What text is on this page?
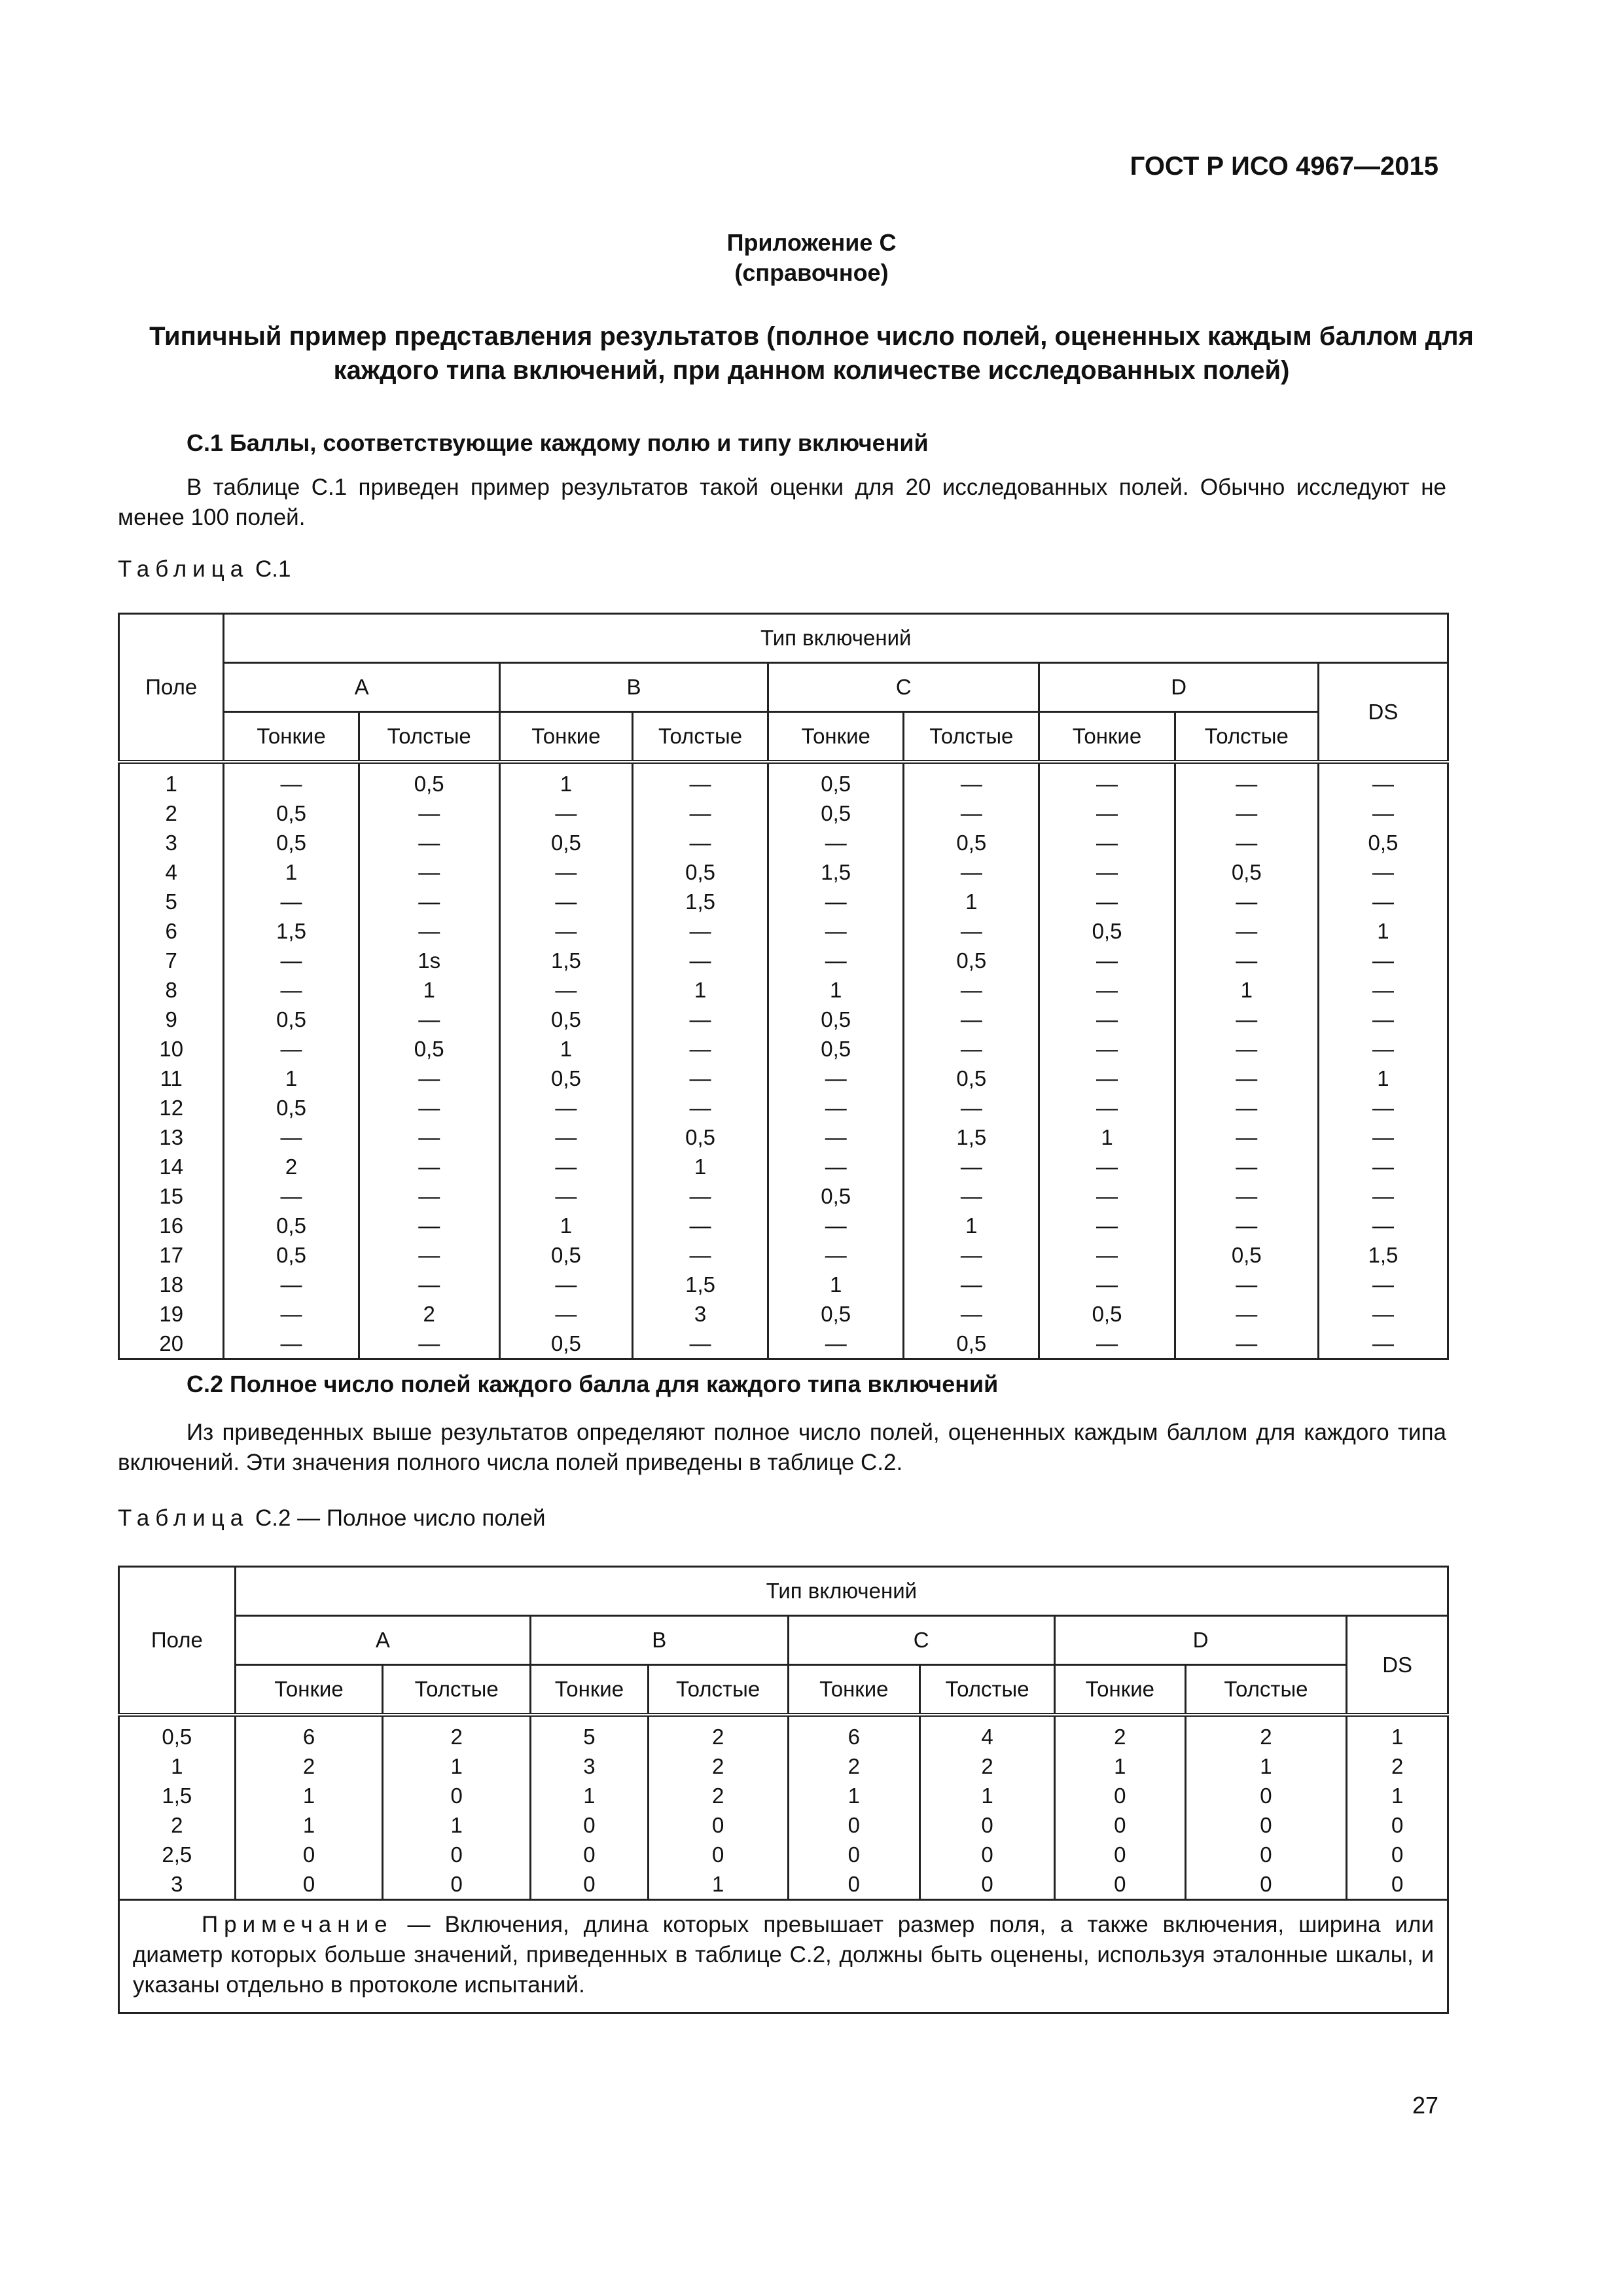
ГОСТ Р ИСО 4967—2015
Приложение С
(справочное)
Типичный пример представления результатов (полное число полей, оцененных каждым баллом для каждого типа включений, при данном количестве исследованных полей)
С.1 Баллы, соответствующие каждому полю и типу включений
В таблице С.1 приведен пример результатов такой оценки для 20 исследованных полей. Обычно исследуют не менее 100 полей.
Таблица С.1
Поле	Тип включений								
	А		В		С		D		DS
	Тонкие	Толстые	Тонкие	Толстые	Тонкие	Толстые	Тонкие	Толстые	
1	—	0,5	1	—	0,5	—	—	—	—
2	0,5	—	—	—	0,5	—	—	—	—
3	0,5	—	0,5	—	—	0,5	—	—	0,5
4	1	—	—	0,5	1,5	—	—	0,5	—
5	—	—	—	1,5	—	1	—	—	—
6	1,5	—	—	—	—	—	0,5	—	1
7	—	1s	1,5	—	—	0,5	—	—	—
8	—	1	—	1	1	—	—	1	—
9	0,5	—	0,5	—	0,5	—	—	—	—
10	—	0,5	1	—	0,5	—	—	—	—
11	1	—	0,5	—	—	0,5	—	—	1
12	0,5	—	—	—	—	—	—	—	—
13	—	—	—	0,5	—	1,5	1	—	—
14	2	—	—	1	—	—	—	—	—
15	—	—	—	—	0,5	—	—	—	—
16	0,5	—	1	—	—	1	—	—	—
17	0,5	—	0,5	—	—	—	—	0,5	1,5
18	—	—	—	1,5	1	—	—	—	—
19	—	2	—	3	0,5	—	0,5	—	—
20	—	—	0,5	—	—	0,5	—	—	—
С.2 Полное число полей каждого балла для каждого типа включений
Из приведенных выше результатов определяют полное число полей, оцененных каждым баллом для каждого типа включений. Эти значения полного числа полей приведены в таблице С.2.
Таблица С.2 — Полное число полей
Поле	Тип включений								
	А		В		С		D		DS
	Тонкие	Толстые	Тонкие	Толстые	Тонкие	Толстые	Тонкие	Толстые	
0,5	6	2	5	2	6	4	2	2	1
1	2	1	3	2	2	2	1	1	2
1,5	1	0	1	2	1	1	0	0	1
2	1	1	0	0	0	0	0	0	0
2,5	0	0	0	0	0	0	0	0	0
3	0	0	0	1	0	0	0	0	0
Примечание — Включения, длина которых превышает размер поля, а также включения, ширина или диаметр которых больше значений, приведенных в таблице С.2, должны быть оценены, используя эталонные шкалы, и указаны отдельно в протоколе испытаний.									
27
